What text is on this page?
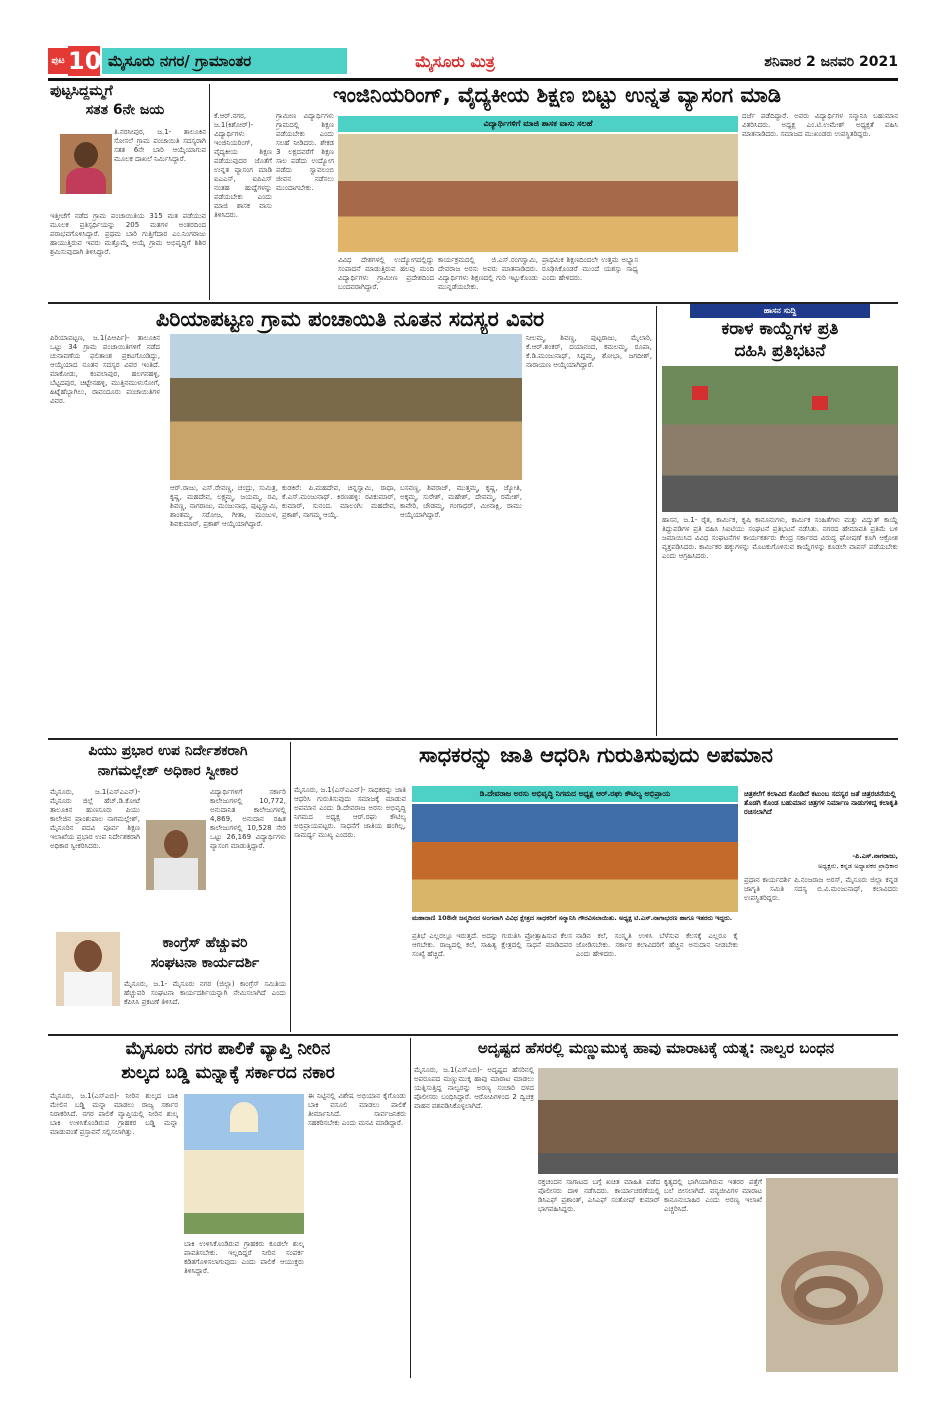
ಪುಟ 10 ಮೈಸೂರು ನಗರ/ ಗ್ರಾಮಾಂತರ	ಮೈಸೂರು ಮಿತ್ರ	ಶನಿವಾರ 2 ಜನವರಿ 2021
ಪುಟ್ಟಸಿದ್ದಮ್ಮಗೆ
ಸತತ 6ನೇ ಜಯ
ತಿ.ನರಸೀಪುರ, ಜ.1- ತಾಲೂಕಿನ ಸೋಸಲೆ ಗ್ರಾಮ ಪಂಚಾಯಿತಿ ಸದಸ್ಯರಾಗಿ ಸತತ 6ನೇ ಬಾರಿ ಆಯ್ಕೆಯಾಗುವ ಮೂಲಕ ದಾಖಲೆ ನಿರ್ಮಿಸಿದ್ದಾರೆ.
ಇತ್ತೀಚೆಗೆ ನಡೆದ ಗ್ರಾಮ ಪಂಚಾಯಿತಿಯ 315 ಮತ ಪಡೆಯುವ ಮೂಲಕ ಪ್ರತಿಸ್ಪರ್ಧಿಯನ್ನು 205 ಮತಗಳ ಅಂತರದಿಂದ ಪರಾಭವಗೊಳಿಸಿದ್ದಾರೆ. ಪ್ರಥಮ ಬಾರಿ ಗುತ್ತಿಗೆದಾರ ಎಂ.ನಿಂಗರಾಜು ಹಾಯುತ್ತಿರುವ ಇವರು ಮತ್ತೊಮ್ಮೆ ಆಯ್ಕೆ ಗ್ರಾಮ ಅಭಿವೃದ್ಧಿಗೆ ಶಿಶಿರ ಶ್ರಮಿಸುವುದಾಗಿ ತಿಳಿಸಿದ್ದಾರೆ.
ಇಂಜಿನಿಯರಿಂಗ್, ವೈದ್ಯಕೀಯ ಶಿಕ್ಷಣ ಬಿಟ್ಟು ಉನ್ನತ ವ್ಯಾಸಂಗ ಮಾಡಿ
ಕೆ.ಆರ್.ನಗರ, ಜ.1(ಕಿಶೋರ್)- ವಿದ್ಯಾರ್ಥಿಗಳು ಇಂಜಿನಿಯರಿಂಗ್, ವೈದ್ಯಕೀಯ ಶಿಕ್ಷಣ ಪಡೆಯುವುದರ ಜೊತೆಗೆ ಉನ್ನತ ವ್ಯಾಸಂಗ ಮಾಡಿ ಐಎಎಸ್, ಐಪಿಎಸ್ ನಂತಹ ಹುದ್ದೆಗಳನ್ನು ಪಡೆಯಬೇಕು ಎಂದು ಮಾಜಿ ಶಾಸಕ ವಾಸು ತಿಳಿಸಿದರು.
ಗ್ರಾಮೀಣ ವಿದ್ಯಾರ್ಥಿಗಳು ಗ್ರಾಮದಲ್ಲಿ ಶಿಕ್ಷಣ ಪಡೆಯಬೇಕು ಎಂದು ಸಲಹೆ ನೀಡಿದರು. ಶೇಕಡ 3 ಲಕ್ಷದವರೆಗೆ ಶಿಕ್ಷಣ ಸಾಲ ಪಡೆದು ಉದ್ಯೋಗ ಪಡೆದು ಸ್ವಾವಲಂಬಿ ಜೀವನ ನಡೆಸಲು ಮುಂದಾಗಬೇಕು.
ವಿದ್ಯಾರ್ಥಿಗಳಿಗೆ ಮಾಜಿ ಶಾಸಕ ವಾಸು ಸಲಹೆ
ವಿವಿಧ ದೇಶಗಳಲ್ಲಿ ಉದ್ಯೋಗದಲ್ಲಿದ್ದು ಸಂಪಾದನೆ ಮಾಡುತ್ತಿರುವ ಹಲವು ಮಂದಿ ವಿದ್ಯಾರ್ಥಿಗಳು ಗ್ರಾಮೀಣ ಪ್ರದೇಶದಿಂದ ಬಂದವರಾಗಿದ್ದಾರೆ.
ಕಾರ್ಯಕ್ರಮದಲ್ಲಿ ಜಿ.ಎಸ್.ರಂಗಸ್ವಾಮಿ, ದೇವರಾಜ ಅರಸು ಅವರು ಮಾತನಾಡಿದರು. ವಿದ್ಯಾರ್ಥಿಗಳು ಶಿಕ್ಷಣದಲ್ಲಿ ಗುರಿ ಇಟ್ಟುಕೊಂಡು ಮುನ್ನಡೆಯಬೇಕು.
ಪ್ರಾಥಮಿಕ ಶಿಕ್ಷಣದಿಂದಲೇ ಉತ್ತಮ ಅಭ್ಯಾಸ ರೂಢಿಸಿಕೊಂಡರೆ ಮುಂದೆ ಯಶಸ್ಸು ಸಾಧ್ಯ ಎಂದು ಹೇಳಿದರು.
ದರ್ಜೆ ಪಡೆದಿದ್ದಾರೆ. ಅವರು ವಿದ್ಯಾರ್ಥಿಗಳ ಸನ್ಮಾನಿಸಿ ಬಹುಮಾನ ವಿತರಿಸಿದರು. ಅಧ್ಯಕ್ಷ ಎಂ.ಟಿ.ಉಮೇಶ್ ಅಧ್ಯಕ್ಷತೆ ವಹಿಸಿ ಮಾತನಾಡಿದರು. ಸಮಾಜದ ಮುಖಂಡರು ಉಪಸ್ಥಿತರಿದ್ದರು.
ಪಿರಿಯಾಪಟ್ಟಣ ಗ್ರಾಮ ಪಂಚಾಯಿತಿ ನೂತನ ಸದಸ್ಯರ ವಿವರ
ಪಿರಿಯಾಪಟ್ಟಣ, ಜ.1(ಪಿಆರ್ಪಿ)- ತಾಲೂಕಿನ ಒಟ್ಟು 34 ಗ್ರಾಮ ಪಂಚಾಯಿತಿಗಳಿಗೆ ನಡೆದ ಚುನಾವಣೆಯ ಫಲಿತಾಂಶ ಪ್ರಕಟಗೊಂಡಿದ್ದು, ಆಯ್ಕೆಯಾದ ನೂತನ ಸದಸ್ಯರ ವಿವರ ಇಂತಿದೆ. ಮಾಕೋಡು, ಕಂಪಲಾಪುರ, ಹಲಗನಹಳ್ಳಿ, ಬೆಟ್ಟದಪುರ, ಚಿಟ್ಟೇನಹಳ್ಳಿ, ಮುತ್ತಿನಮುಳುಸೋಗೆ, ಹಿಟ್ನೆಹೆಬ್ಬಾಗಿಲು, ರಾವಂದೂರು ಪಂಚಾಯಿತಿಗಳ ವಿವರ.
ಆರ್.ರಾಜು, ಎಸ್.ರೇವಣ್ಣ, ಚಂದ್ರು, ಸುಮಿತ್ರ, ಕೃಷ್ಣ, ಮಹದೇವ, ಲಕ್ಷ್ಮಮ್ಮ, ಜಯಮ್ಮ, ರವಿ, ಶಿವಣ್ಣ, ನಾಗರಾಜು, ಮಂಜುನಾಥ, ಪುಟ್ಟಸ್ವಾಮಿ, ಶಾಂತಮ್ಮ, ಸರೋಜ, ಗೀತಾ, ಮಂಜುಳ, ಶಿವಕುಮಾರ್, ಪ್ರಕಾಶ್ ಆಯ್ಕೆಯಾಗಿದ್ದಾರೆ.
ಕುಡಕಿರೆ: ಪಿ.ಮಹದೇವ, ಚಿನ್ನಸ್ವಾಮಿ, ರಾಧಾ, ಕೆ.ಎಸ್.ಮಂಜುನಾಥ್. ಕಿರಣಹಳ್ಳಿ: ರವಿಕುಮಾರ್, ಕುಮಾರ್, ಸುನಂದ. ಮಾಲಂಗಿ: ಮಹದೇವ, ಪ್ರಕಾಶ್, ನಾಗಮ್ಮ ಆಯ್ಕೆ.
ಬಸವಣ್ಣ, ಶಿವರಾಜ್, ಮುತ್ತಮ್ಮ, ಕೃಷ್ಣ, ಜ್ಯೋತಿ, ಅಕ್ಕಮ್ಮ, ಸುರೇಶ್, ಮಹೇಶ್, ದೇವಮ್ಮ, ರಮೇಶ್, ಕಾವೇರಿ, ಚೌಡಮ್ಮ, ಗಂಗಾಧರ್, ಮೀನಾಕ್ಷಿ, ರಾಮು ಆಯ್ಕೆಯಾಗಿದ್ದಾರೆ.
ನೀಲಮ್ಮ, ಶಿವಣ್ಣ, ಪುಟ್ಟರಾಜು, ಮೈಲಾರಿ, ಕೆ.ಆರ್.ಶಂಕರ್, ದಯಾನಂದ, ಕಮಲಮ್ಮ, ರೂಪಾ, ಕೆ.ಡಿ.ಮಂಜುನಾಥ್, ಸಿದ್ದಮ್ಮ, ಶೋಭಾ, ಜಗದೀಶ್, ನಾರಾಯಣ ಆಯ್ಕೆಯಾಗಿದ್ದಾರೆ.
ಹಾಸನ ಸುದ್ದಿ
ಕರಾಳ ಕಾಯ್ದೆಗಳ ಪ್ರತಿ
ದಹಿಸಿ ಪ್ರತಿಭಟನೆ
ಹಾಸನ, ಜ.1- ರೈತ, ಕಾರ್ಮಿಕ, ಕೃಷಿ ಕಾನೂನುಗಳು, ಕಾರ್ಮಿಕ ಸಂಹಿತೆಗಳು ಮತ್ತು ವಿದ್ಯುತ್ ಕಾಯ್ದೆ ತಿದ್ದುಪಡಿಗಳ ಪ್ರತಿ ದಹಿಸಿ ಸಿಐಟಿಯು ಸಂಘಟನೆ ಪ್ರತಿಭಟನೆ ನಡೆಸಿತು. ನಗರದ ಹೇಮಾವತಿ ಪ್ರತಿಮೆ ಬಳಿ ಜಮಾಯಿಸಿದ ವಿವಿಧ ಸಂಘಟನೆಗಳ ಕಾರ್ಯಕರ್ತರು ಕೇಂದ್ರ ಸರ್ಕಾರದ ವಿರುದ್ಧ ಘೋಷಣೆ ಕೂಗಿ ಆಕ್ರೋಶ ವ್ಯಕ್ತಪಡಿಸಿದರು. ಕಾರ್ಮಿಕರ ಹಕ್ಕುಗಳನ್ನು ಮೊಟಕುಗೊಳಿಸುವ ಕಾಯ್ದೆಗಳನ್ನು ಕೂಡಲೇ ವಾಪಸ್ ಪಡೆಯಬೇಕು ಎಂದು ಆಗ್ರಹಿಸಿದರು.
ಪಿಯು ಪ್ರಭಾರ ಉಪ ನಿರ್ದೇಶಕರಾಗಿ
ನಾಗಮಲ್ಲೇಶ್ ಅಧಿಕಾರ ಸ್ವೀಕಾರ
ಮೈಸೂರು, ಜ.1(ಎಸ್ಎಎನ್)- ಮೈಸೂರು ಜಿಲ್ಲೆ ಹೆಚ್.ಡಿ.ಕೋಟೆ ತಾಲೂಕಿನ ಹುಣಸೂರು ಪಿಯು ಕಾಲೇಜಿನ ಪ್ರಾಂಶುಪಾಲ ನಾಗಮಲ್ಲೇಶ್, ಮೈಸೂರಿನ ಪದವಿ ಪೂರ್ವ ಶಿಕ್ಷಣ ಇಲಾಖೆಯ ಪ್ರಭಾರ ಉಪ ನಿರ್ದೇಶಕರಾಗಿ ಅಧಿಕಾರ ಸ್ವೀಕರಿಸಿದರು.
ವಿದ್ಯಾರ್ಥಿಗಳಿಗೆ ಸರ್ಕಾರಿ ಕಾಲೇಜುಗಳಲ್ಲಿ 10,772, ಅನುದಾನಿತ ಕಾಲೇಜುಗಳಲ್ಲಿ 4,869, ಅನುದಾನ ರಹಿತ ಕಾಲೇಜುಗಳಲ್ಲಿ 10,528 ಸೇರಿ ಒಟ್ಟು 26,169 ವಿದ್ಯಾರ್ಥಿಗಳು ವ್ಯಾಸಂಗ ಮಾಡುತ್ತಿದ್ದಾರೆ.
ಕಾಂಗ್ರೆಸ್ ಹೆಚ್ಚುವರಿ
ಸಂಘಟನಾ ಕಾರ್ಯದರ್ಶಿ
ಮೈಸೂರು, ಜ.1- ಮೈಸೂರು ನಗರ (ಜಿಲ್ಲಾ) ಕಾಂಗ್ರೆಸ್ ಸಮಿತಿಯ ಹೆಚ್ಚುವರಿ ಸಂಘಟನಾ ಕಾರ್ಯದರ್ಶಿಯನ್ನಾಗಿ ನೇಮಿಸಲಾಗಿದೆ ಎಂದು ಕೆಪಿಸಿಸಿ ಪ್ರಕಟಣೆ ತಿಳಿಸಿದೆ.
ಸಾಧಕರನ್ನು ಜಾತಿ ಆಧರಿಸಿ ಗುರುತಿಸುವುದು ಅಪಮಾನ
ಮೈಸೂರು, ಜ.1(ಎಸ್ಎಎನ್)- ಸಾಧಕರನ್ನು ಜಾತಿ ಆಧರಿಸಿ ಗುರುತಿಸುವುದು ಸಮಾಜಕ್ಕೆ ಮಾಡುವ ಅಪಮಾನ ಎಂದು ಡಿ.ದೇವರಾಜ ಅರಸು ಅಭಿವೃದ್ಧಿ ನಿಗಮದ ಅಧ್ಯಕ್ಷ ಆರ್.ರಘು ಕೌಟಿಲ್ಯ ಅಭಿಪ್ರಾಯಪಟ್ಟರು. ಸಾಧನೆಗೆ ಜಾತಿಯ ಹಂಗಿಲ್ಲ, ಸಾಮರ್ಥ್ಯ ಮುಖ್ಯ ಎಂದರು.
ಡಿ.ದೇವರಾಜ ಅರಸು ಅಭಿವೃದ್ಧಿ ನಿಗಮದ ಅಧ್ಯಕ್ಷ ಆರ್.ರಘು ಕೌಟಿಲ್ಯ ಅಭಿಪ್ರಾಯ	ಚಿತ್ರಕಲೆಗೆ ಕಲಾವಿದ ಕೊಂಡಿದೆ ಕಟುಂಬ ಸದಸ್ಯರ ಜತೆ ಚಿತ್ರರಚನೆಯಲ್ಲಿ ತೊಡಗಿ ಕೊಂಡ ಬಹುಮಾನ ಚಿತ್ರಗಳ ನಿರ್ಮಾಣ ನಾಡುಗಳಿದ್ದ ಕಲಾಕೃತಿ ರಚಿಸಲಾಗಿದೆ
-ಪಿ.ಎಸ್.ನಾಗರಾಜು,
ಅಧ್ಯಕ್ಷರು, ಕನ್ನಡ ಅಧ್ಯಾಪಕರ ಪ್ರಾಧಿಕಾರ
ಮಹಾರಾಣಿ 108ನೇ ಜನ್ಮದಿನದ ಅಂಗವಾಗಿ ವಿವಿಧ ಕ್ಷೇತ್ರದ ಸಾಧಕರಿಗೆ ಸನ್ಮಾನಿಸಿ ಗೌರವಿಸಲಾಯಿತು. ಅಧ್ಯಕ್ಷ ಟಿ.ಎಸ್.ನಾಗಾಭರಣ ಹಾಗೂ ಇತರರು ಇದ್ದರು.
ಪ್ರತಿಭೆ ಎಲ್ಲರಲ್ಲೂ ಇರುತ್ತದೆ. ಅದನ್ನು ಗುರುತಿಸಿ ಪ್ರೋತ್ಸಾಹಿಸುವ ಕೆಲಸ ಆಗಬೇಕು. ರಾಜ್ಯದಲ್ಲಿ ಕಲೆ, ಸಾಹಿತ್ಯ ಕ್ಷೇತ್ರದಲ್ಲಿ ಸಾಧನೆ ಮಾಡಿದವರ ಸಂಖ್ಯೆ ಹೆಚ್ಚಿದೆ.
ನಾಡಿನ ಕಲೆ, ಸಂಸ್ಕೃತಿ ಉಳಿಸಿ ಬೆಳೆಸುವ ಕೆಲಸಕ್ಕೆ ಎಲ್ಲರೂ ಕೈ ಜೋಡಿಸಬೇಕು. ಸರ್ಕಾರ ಕಲಾವಿದರಿಗೆ ಹೆಚ್ಚಿನ ಅನುದಾನ ನೀಡಬೇಕು ಎಂದು ಹೇಳಿದರು.
ಪ್ರಧಾನ ಕಾರ್ಯದರ್ಶಿ ಪಿ.ನಂಜರಾಜ ಅರಸ್, ಮೈಸೂರು ಜಿಲ್ಲಾ ಕನ್ನಡ ಜಾಗೃತಿ ಸಮಿತಿ ಸದಸ್ಯ ಬಿ.ವಿ.ಮಂಜುನಾಥ್, ಕಲಾವಿದರು ಉಪಸ್ಥಿತರಿದ್ದರು.
ಮೈಸೂರು ನಗರ ಪಾಲಿಕೆ ವ್ಯಾಪ್ತಿ ನೀರಿನ
ಶುಲ್ಕದ ಬಡ್ಡಿ ಮನ್ನಾಕ್ಕೆ ಸರ್ಕಾರದ ನಕಾರ
ಮೈಸೂರು, ಜ.1(ಎಸ್ಎಬಿ)- ನೀರಿನ ಶುಲ್ಕದ ಬಾಕಿ ಮೇಲಿನ ಬಡ್ಡಿ ಮನ್ನಾ ಮಾಡಲು ರಾಜ್ಯ ಸರ್ಕಾರ ನಿರಾಕರಿಸಿದೆ. ನಗರ ಪಾಲಿಕೆ ವ್ಯಾಪ್ತಿಯಲ್ಲಿ ನೀರಿನ ಶುಲ್ಕ ಬಾಕಿ ಉಳಿಸಿಕೊಂಡಿರುವ ಗ್ರಾಹಕರ ಬಡ್ಡಿ ಮನ್ನಾ ಮಾಡುವಂತೆ ಪ್ರಸ್ತಾವನೆ ಸಲ್ಲಿಸಲಾಗಿತ್ತು.
ಬಾಕಿ ಉಳಿಸಿಕೊಂಡಿರುವ ಗ್ರಾಹಕರು ಕೂಡಲೇ ಶುಲ್ಕ ಪಾವತಿಸಬೇಕು. ಇಲ್ಲದಿದ್ದರೆ ನೀರಿನ ಸಂಪರ್ಕ ಕಡಿತಗೊಳಿಸಲಾಗುವುದು ಎಂದು ಪಾಲಿಕೆ ಆಯುಕ್ತರು ತಿಳಿಸಿದ್ದಾರೆ.
ಈ ನಿಟ್ಟಿನಲ್ಲಿ ವಿಶೇಷ ಅಭಿಯಾನ ಕೈಗೊಂಡು ಬಾಕಿ ವಸೂಲಿ ಮಾಡಲು ಪಾಲಿಕೆ ತೀರ್ಮಾನಿಸಿದೆ. ಸಾರ್ವಜನಿಕರು ಸಹಕರಿಸಬೇಕು ಎಂದು ಮನವಿ ಮಾಡಿದ್ದಾರೆ.
ಅದೃಷ್ಟದ ಹೆಸರಲ್ಲಿ ಮಣ್ಣುಮುಕ್ಕ ಹಾವು ಮಾರಾಟಕ್ಕೆ ಯತ್ನ: ನಾಲ್ವರ ಬಂಧನ
ಮೈಸೂರು, ಜ.1(ಎಸ್ಎಬಿ)- ಅದೃಷ್ಟದ ಹೆಸರಿನಲ್ಲಿ ಅಪರೂಪದ ಮಣ್ಣುಮುಕ್ಕ ಹಾವು ಮಾರಾಟ ಮಾಡಲು ಯತ್ನಿಸುತ್ತಿದ್ದ ನಾಲ್ವರನ್ನು ಅರಣ್ಯ ಸಂಚಾರಿ ದಳದ ಪೊಲೀಸರು ಬಂಧಿಸಿದ್ದಾರೆ. ಆರೋಪಿಗಳಿಂದ 2 ದ್ವಿಚಕ್ರ ವಾಹನ ವಶಪಡಿಸಿಕೊಳ್ಳಲಾಗಿದೆ.
ರಕ್ತಚಂದನ ಸಾಗಾಟದ ಬಗ್ಗೆ ಖಚಿತ ಮಾಹಿತಿ ಪಡೆದ ಪೊಲೀಸರು ದಾಳಿ ನಡೆಸಿದರು. ಕಾರ್ಯಾಚರಣೆಯಲ್ಲಿ ಡಿಸಿಎಫ್ ಪ್ರಶಾಂತ್, ಎಸಿಎಫ್ ಸಂತೋಷ್ ಕುಮಾರ್ ಭಾಗವಹಿಸಿದ್ದರು.
ಕೃತ್ಯದಲ್ಲಿ ಭಾಗಿಯಾಗಿರುವ ಇತರರ ಪತ್ತೆಗೆ ಬಲೆ ಬೀಸಲಾಗಿದೆ. ವನ್ಯಜೀವಿಗಳ ಮಾರಾಟ ಕಾನೂನುಬಾಹಿರ ಎಂದು ಅರಣ್ಯ ಇಲಾಖೆ ಎಚ್ಚರಿಸಿದೆ.
